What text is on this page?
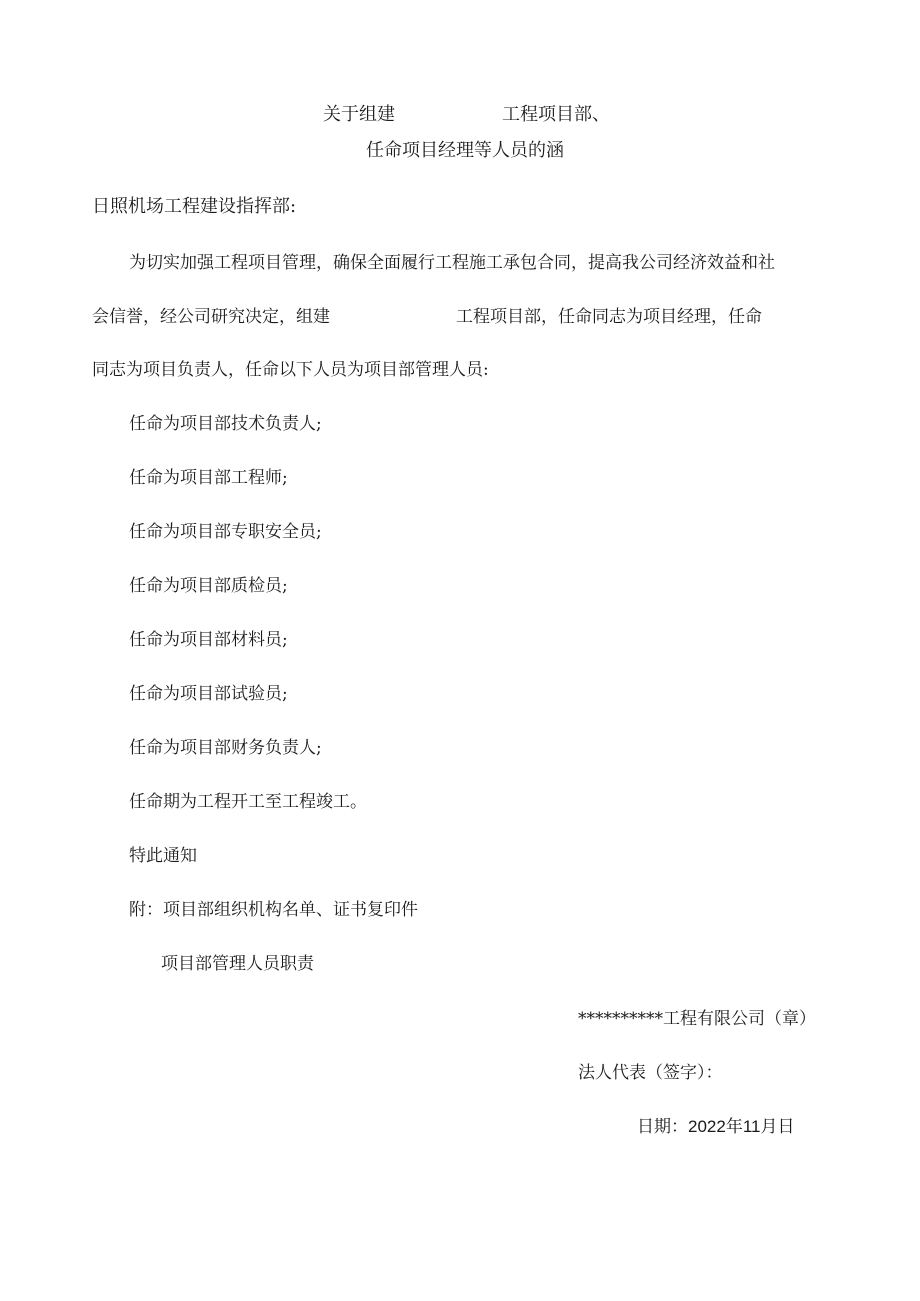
关于组建	工程项目部、
任命项目经理等人员的涵
日照机场工程建设指挥部:
为切实加强工程项目管理，确保全面履行工程施工承包合同，提高我公司经济效益和社
会信誉，经公司研究决定，组建	工程项目部，任命同志为项目经理，任命
同志为项目负责人，任命以下人员为项目部管理人员:
任命为项目部技术负责人;
任命为项目部工程师;
任命为项目部专职安全员;
任命为项目部质检员;
任命为项目部材料员;
任命为项目部试验员;
任命为项目部财务负责人;
任命期为工程开工至工程竣工。
特此通知
附：项目部组织机构名单、证书复印件
项目部管理人员职责
**********工程有限公司（章）
法人代表（签字）：
日期：2022年11月日
